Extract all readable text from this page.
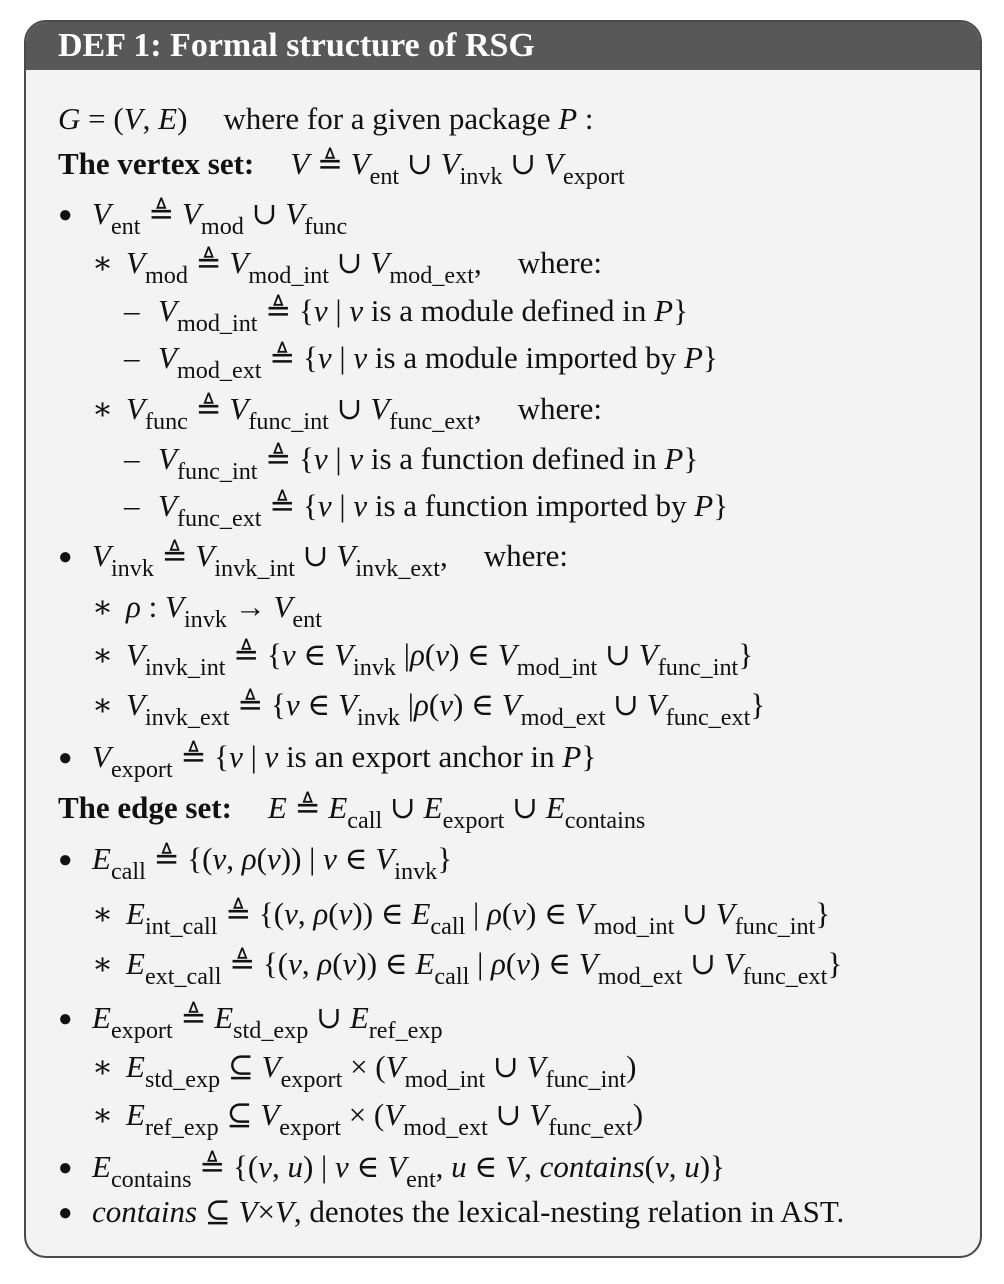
DEF 1: Formal structure of RSG
G = (V, E) where for a given package P :
The vertex set: V ≜ $V_{ent}$ ∪ $V_{invk}$ ∪ $V_{export}$
● $V_{ent}$ ≜ $V_{mod}$ ∪ $V_{func}$
∗ $V_{mod}$ ≜ $V_{mod\_int}$ ∪ $V_{mod\_ext}$, where:
– $V_{mod\_int}$ ≜ {v | v is a module defined in P}
– $V_{mod\_ext}$ ≜ {v | v is a module imported by P}
∗ $V_{func}$ ≜ $V_{func\_int}$ ∪ $V_{func\_ext}$, where:
– $V_{func\_int}$ ≜ {v | v is a function defined in P}
– $V_{func\_ext}$ ≜ {v | v is a function imported by P}
● $V_{invk}$ ≜ $V_{invk\_int}$ ∪ $V_{invk\_ext}$, where:
∗ ρ : $V_{invk} \to V_{ent}$
∗ $V_{invk\_int}$ ≜ {v ∈ $V_{invk}$ |ρ(v) ∈ $V_{mod\_int}$ ∪ $V_{func\_int}$}
∗ $V_{invk\_ext}$ ≜ {v ∈ $V_{invk}$ |ρ(v) ∈ $V_{mod\_ext}$ ∪ $V_{func\_ext}$}
● $V_{export}$ ≜ {v | v is an export anchor in P}
The edge set: E ≜ $E_{call}$ ∪ $E_{export}$ ∪ $E_{contains}$
● $E_{call}$ ≜ {(v, ρ(v)) | v ∈ $V_{invk}$}
∗ $E_{int\_call}$ ≜ {(v, ρ(v)) ∈ $E_{call}$ | ρ(v) ∈ $V_{mod\_int}$ ∪ $V_{func\_int}$}
∗ $E_{ext\_call}$ ≜ {(v, ρ(v)) ∈ $E_{call}$ | ρ(v) ∈ $V_{mod\_ext}$ ∪ $V_{func\_ext}$}
● $E_{export}$ ≜ $E_{std\_exp}$ ∪ $E_{ref\_exp}$
∗ $E_{std\_exp}$ ⊆ $V_{export} \times (V_{mod\_int}$ ∪ $V_{func\_int}$)
∗ $E_{ref\_exp}$ ⊆ $V_{export} \times (V_{mod\_ext}$ ∪ $V_{func\_ext}$)
● $E_{contains}$ ≜ {(v, u) | v ∈ $V_{ent}$, u ∈ V, contains(v, u)}
● contains ⊆ V×V, denotes the lexical-nesting relation in AST.
